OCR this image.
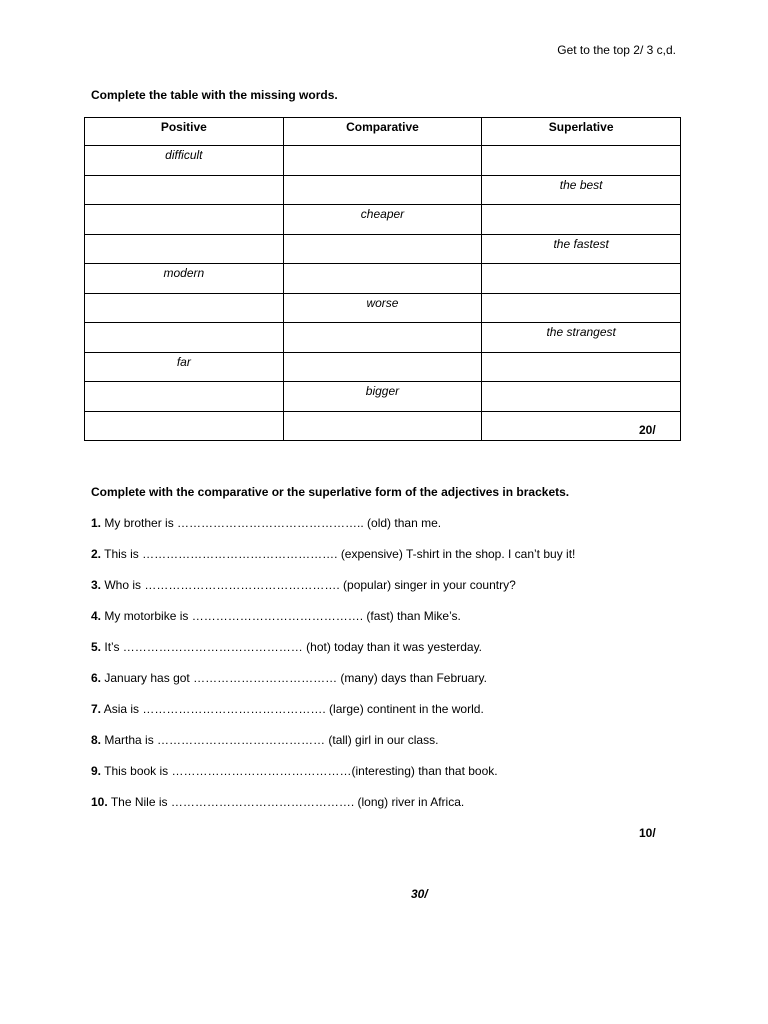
Get to the top 2/ 3 c,d.
Complete the table with the missing words.
Positive	Comparative	Superlative
difficult		
		the best
	cheaper	
		the fastest
modern		
	worse	
		the strangest
far		
	bigger	

20/
Complete with the comparative or the superlative form of the adjectives in brackets.
1. My brother is ……………………………………….. (old) than me.
2. This is …………………………………………. (expensive) T-shirt in the shop. I can’t buy it!
3. Who is …………………………………………. (popular) singer in your country?
4. My motorbike is ……………………………………. (fast) than Mike’s.
5. It’s ……………………………………… (hot) today than it was yesterday.
6. January has got ……………………………… (many) days than February.
7. Asia is ………………………………………. (large) continent in the world.
8. Martha is …………………………………… (tall) girl in our class.
9. This book is ………………………………………(interesting) than that book.
10. The Nile is ………………………………………. (long) river in Africa.
10/
30/
